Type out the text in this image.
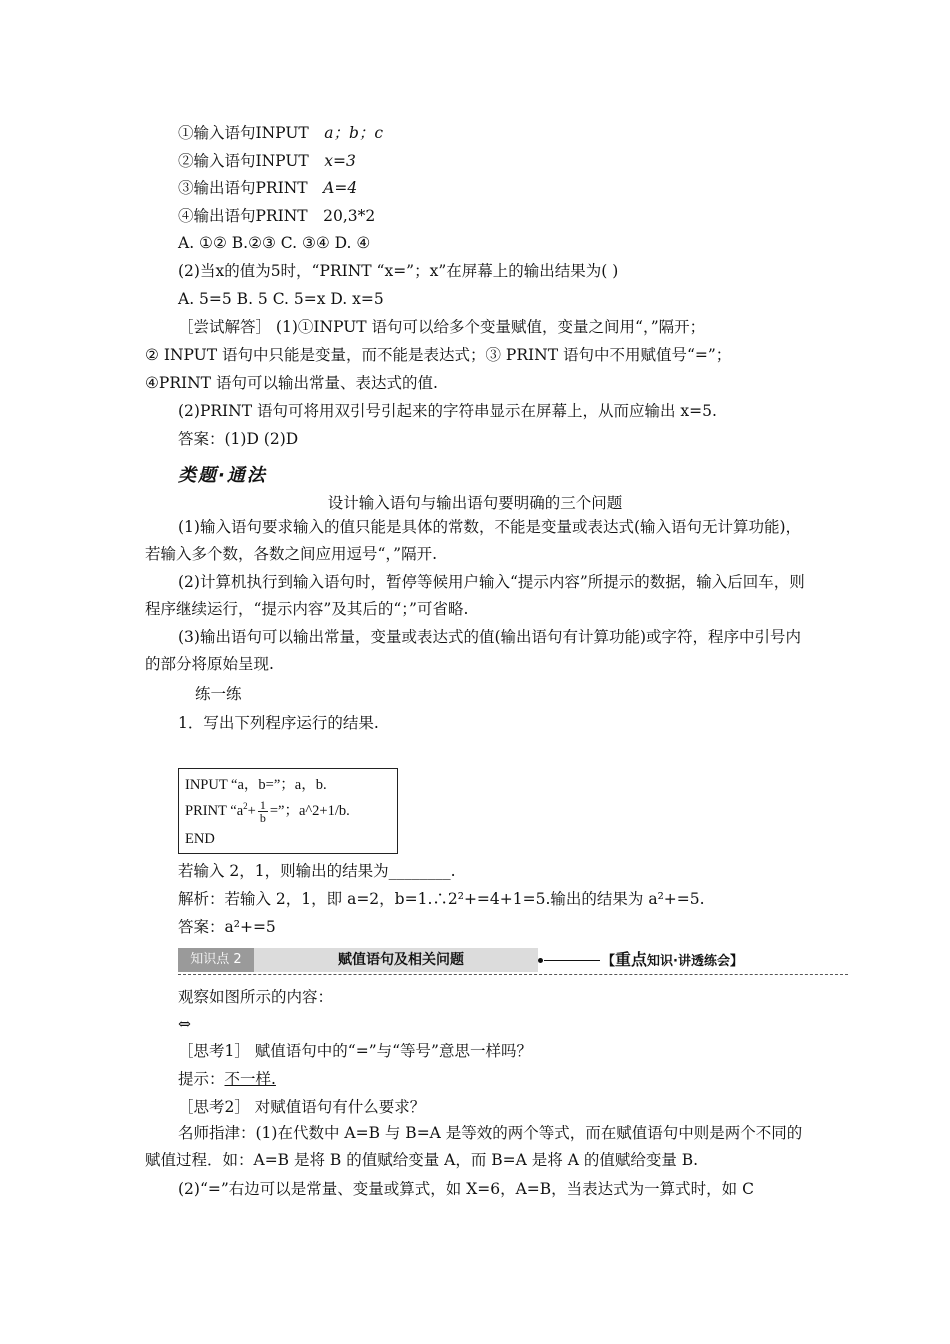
①输入语句INPUT　 a；b；c
②输入语句INPUT　 x=3
③输出语句PRINT　 A=4
④输出语句PRINT　 20,3*2
A. ①② B.②③ C. ③④ D. ④
(2)当x的值为5时，“PRINT “x=”；x”在屏幕上的输出结果为( )
A. 5=5 B. 5 C. 5=x D. x=5
［尝试解答］ (1)①INPUT 语句可以给多个变量赋值，变量之间用“，”隔开；
② INPUT 语句中只能是变量，而不能是表达式；③ PRINT 语句中不用赋值号“=”；
④PRINT 语句可以输出常量、表达式的值.
(2)PRINT 语句可将用双引号引起来的字符串显示在屏幕上，从而应输出 x=5.
答案：(1)D (2)D
类题·通法
设计输入语句与输出语句要明确的三个问题
(1)输入语句要求输入的值只能是具体的常数，不能是变量或表达式(输入语句无计算功能)，若输入多个数，各数之间应用逗号“，”隔开.
(2)计算机执行到输入语句时，暂停等候用户输入“提示内容”所提示的数据，输入后回车，则程序继续运行，“提示内容”及其后的“；”可省略.
(3)输出语句可以输出常量，变量或表达式的值(输出语句有计算功能)或字符，程序中引号内的部分将原始呈现.
练一练
1．写出下列程序运行的结果.
INPUT “a，b=”；a，b.
PRINT “$a^2+ \frac{1}{b}$ =”；a^2+1/b.
END
若输入 2，1，则输出的结果为________.
解析：若输入 2，1，即 a=2，b=1.∴2²+=4+1=5.输出的结果为 a²+=5.
答案：a²+=5
知识点 2	赋值语句及相关问题	【重点知识·讲透练会】
观察如图所示的内容：
⇔
［思考1］ 赋值语句中的“=”与“等号”意思一样吗？
提示：不一样.
［思考2］ 对赋值语句有什么要求？
名师指津：(1)在代数中 A=B 与 B=A 是等效的两个等式，而在赋值语句中则是两个不同的赋值过程．如：A=B 是将 B 的值赋给变量 A，而 B=A 是将 A 的值赋给变量 B.
(2)“=”右边可以是常量、变量或算式，如 X=6，A=B，当表达式为一算式时，如 C
